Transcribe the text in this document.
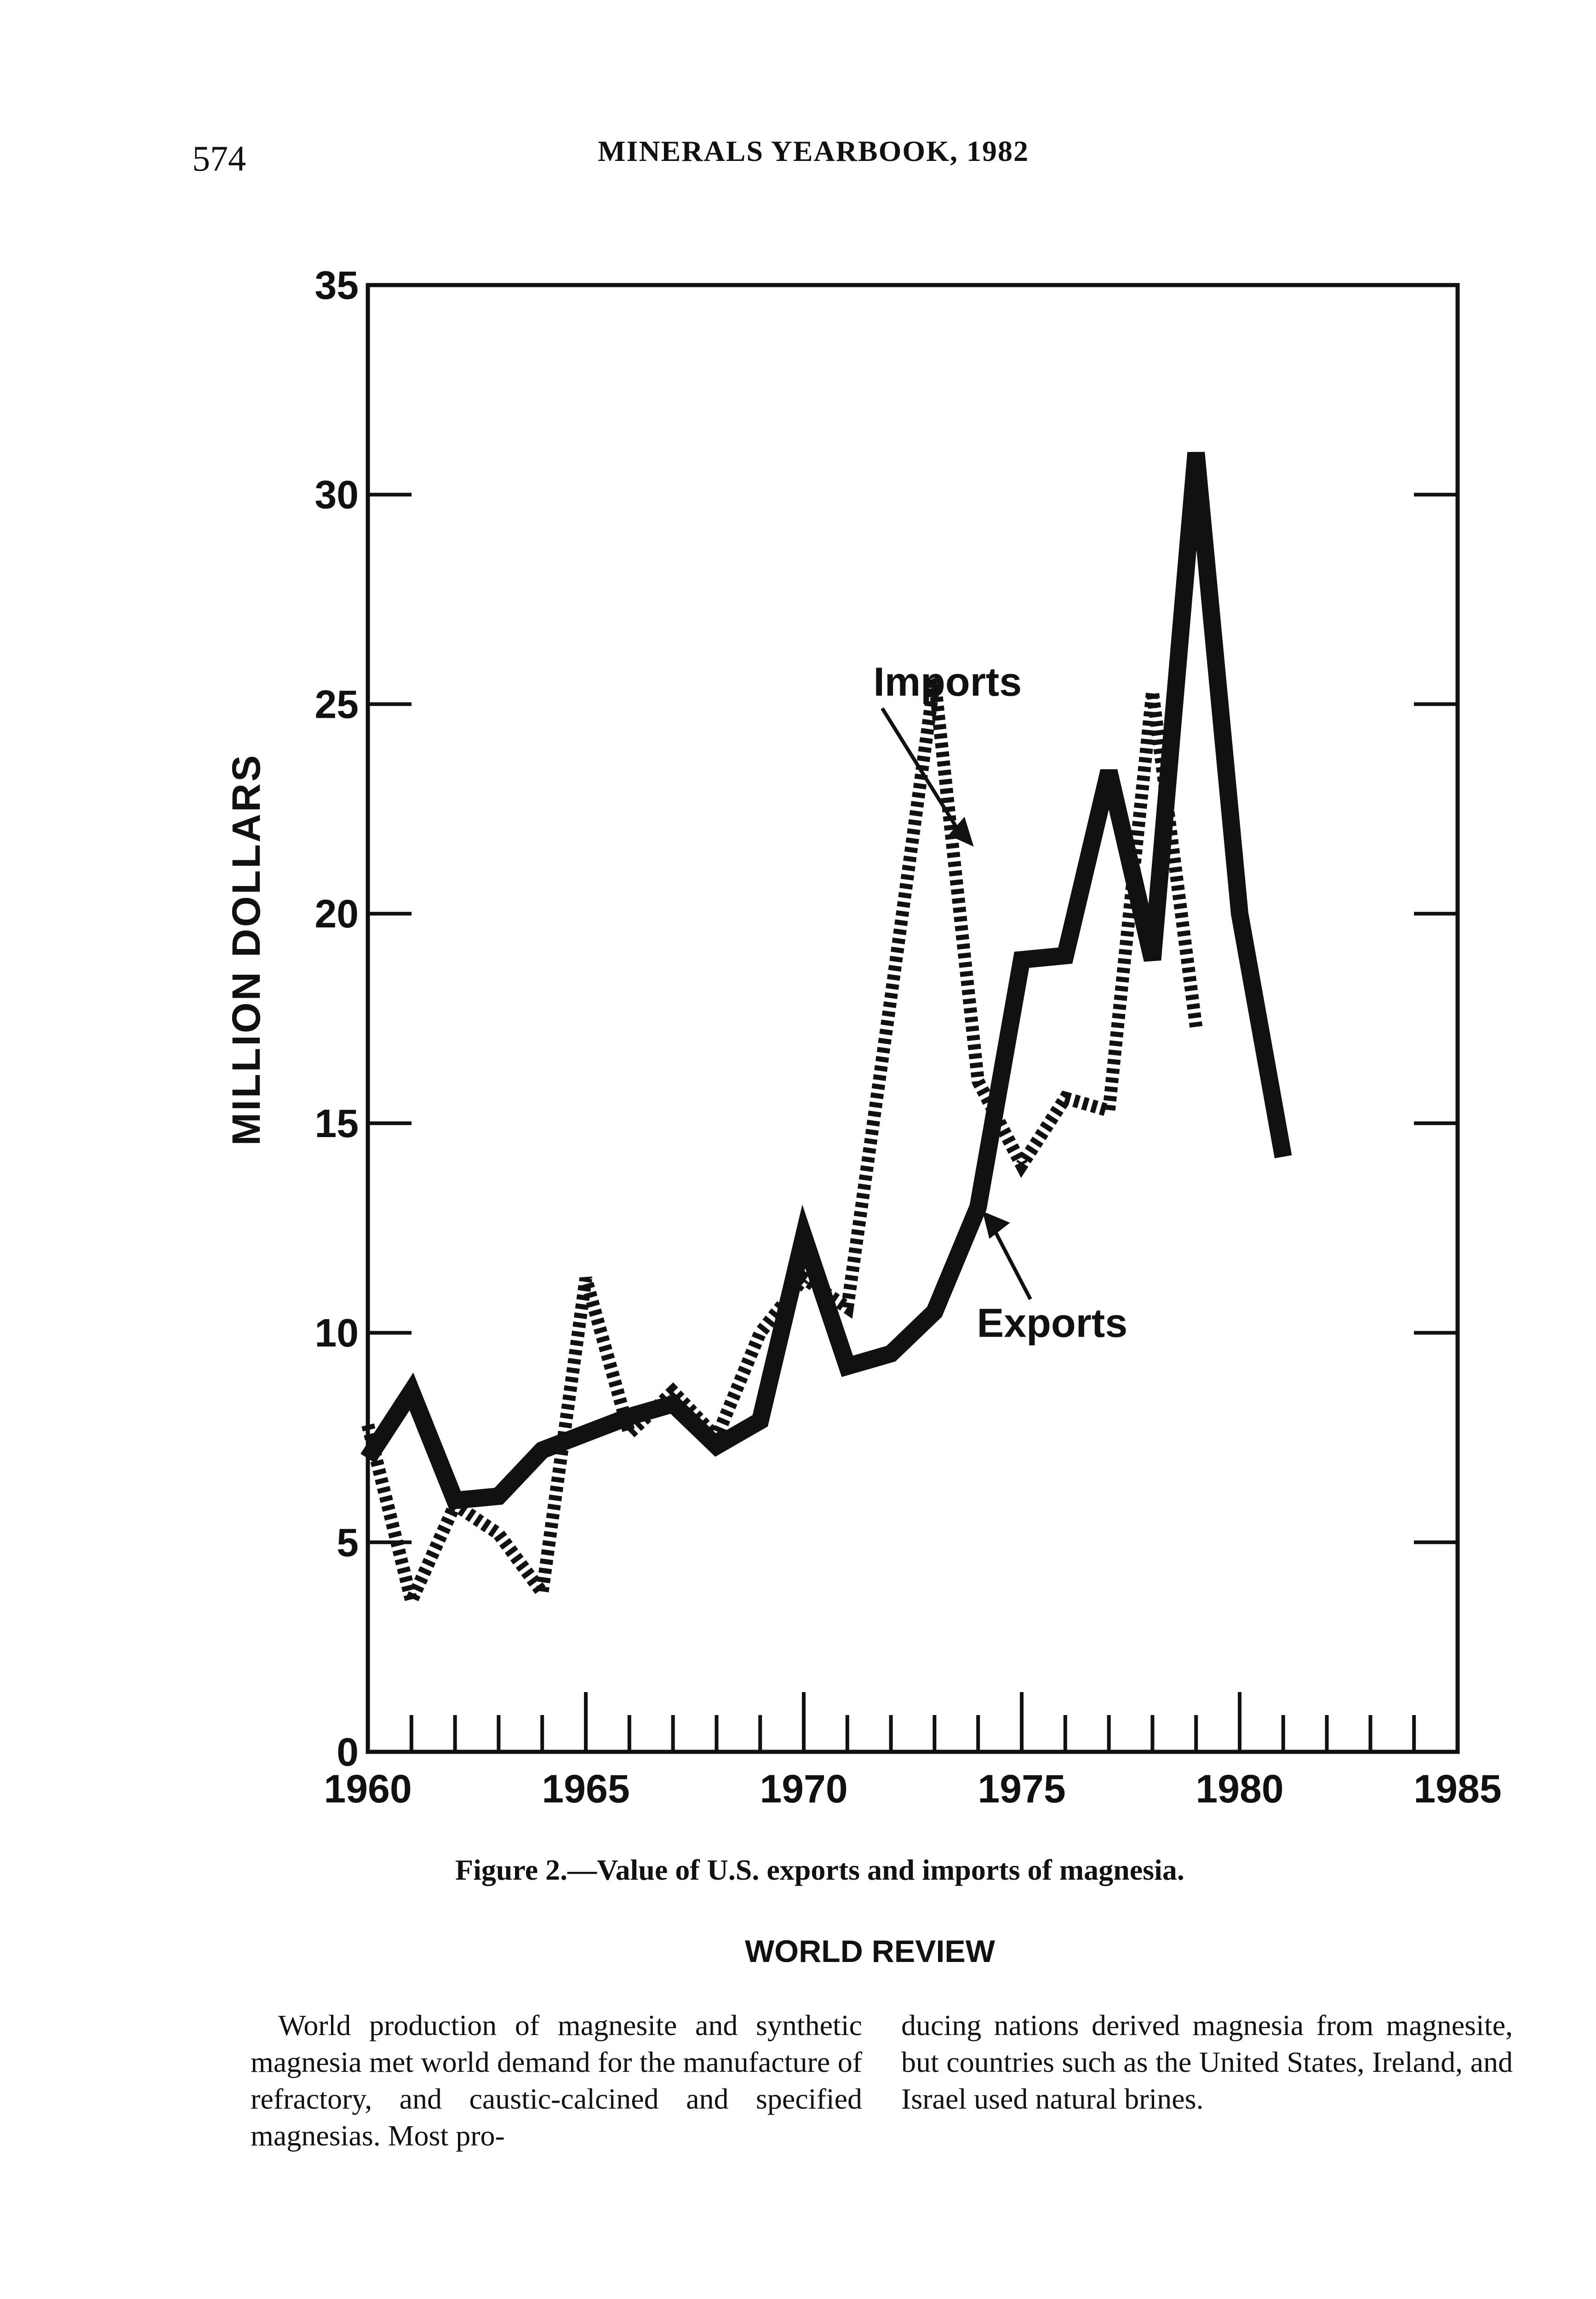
574	MINERALS YEARBOOK, 1982
0
5
10
15
20
25
30
35
1960	1965	1970	1975	1980	1985
MILLION DOLLARS
Imports
Exports
Figure 2.—Value of U.S. exports and imports of magnesia.
WORLD REVIEW
World production of magnesite and synthetic magnesia met world demand for the manufacture of refractory, and caustic-calcined and specified magnesias. Most pro-
ducing nations derived magnesia from magnesite, but countries such as the United States, Ireland, and Israel used natural brines.
